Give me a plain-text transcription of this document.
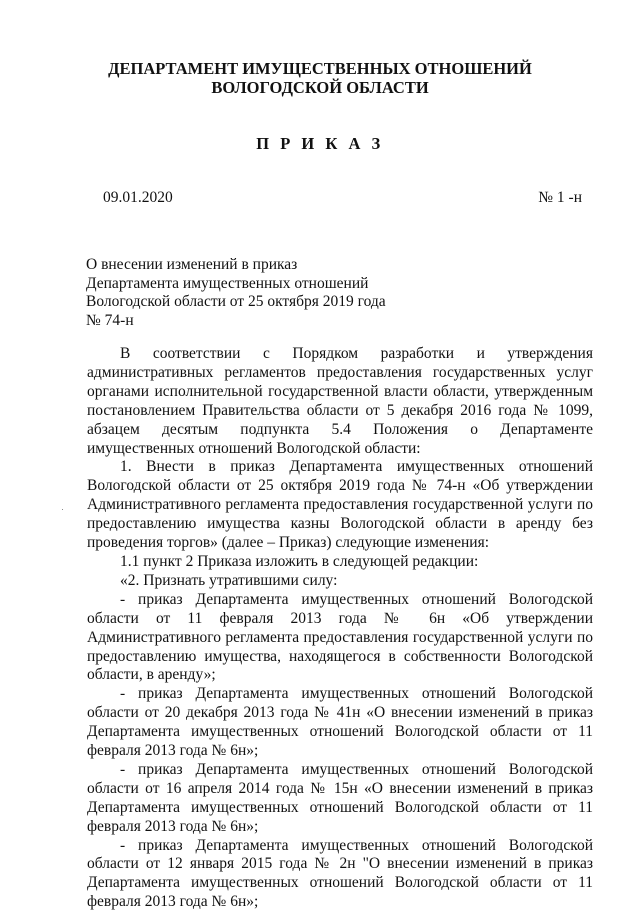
ДЕПАРТАМЕНТ ИМУЩЕСТВЕННЫХ ОТНОШЕНИЙ
ВОЛОГОДСКОЙ ОБЛАСТИ
П Р И К А З
09.01.2020	№ 1 -н
О внесении изменений в приказ
Департамента имущественных отношений
Вологодской области от 25 октября 2019 года
№ 74-н

В соответствии с Порядком разработки и утверждения административных регламентов предоставления государственных услуг органами исполнительной государственной власти области, утвержденным постановлением Правительства области от 5 декабря 2016 года № 1099, абзацем десятым подпункта 5.4 Положения о Департаменте имущественных отношений Вологодской области:

1. Внести в приказ Департамента имущественных отношений Вологодской области от 25 октября 2019 года № 74-н «Об утверждении Административного регламента предоставления государственной услуги по предоставлению имущества казны Вологодской области в аренду без проведения торгов» (далее – Приказ) следующие изменения:

1.1 пункт 2 Приказа изложить в следующей редакции:

«2. Признать утратившими силу:

- приказ Департамента имущественных отношений Вологодской области от 11 февраля 2013 года № 6н «Об утверждении Административного регламента предоставления государственной услуги по предоставлению имущества, находящегося в собственности Вологодской области, в аренду»;

- приказ Департамента имущественных отношений Вологодской области от 20 декабря 2013 года № 41н «О внесении изменений в приказ Департамента имущественных отношений Вологодской области от 11 февраля 2013 года № 6н»;

- приказ Департамента имущественных отношений Вологодской области от 16 апреля 2014 года № 15н «О внесении изменений в приказ Департамента имущественных отношений Вологодской области от 11 февраля 2013 года № 6н»;

- приказ Департамента имущественных отношений Вологодской области от 12 января 2015 года № 2н "О внесении изменений в приказ Департамента имущественных отношений Вологодской области от 11 февраля 2013 года № 6н»;
